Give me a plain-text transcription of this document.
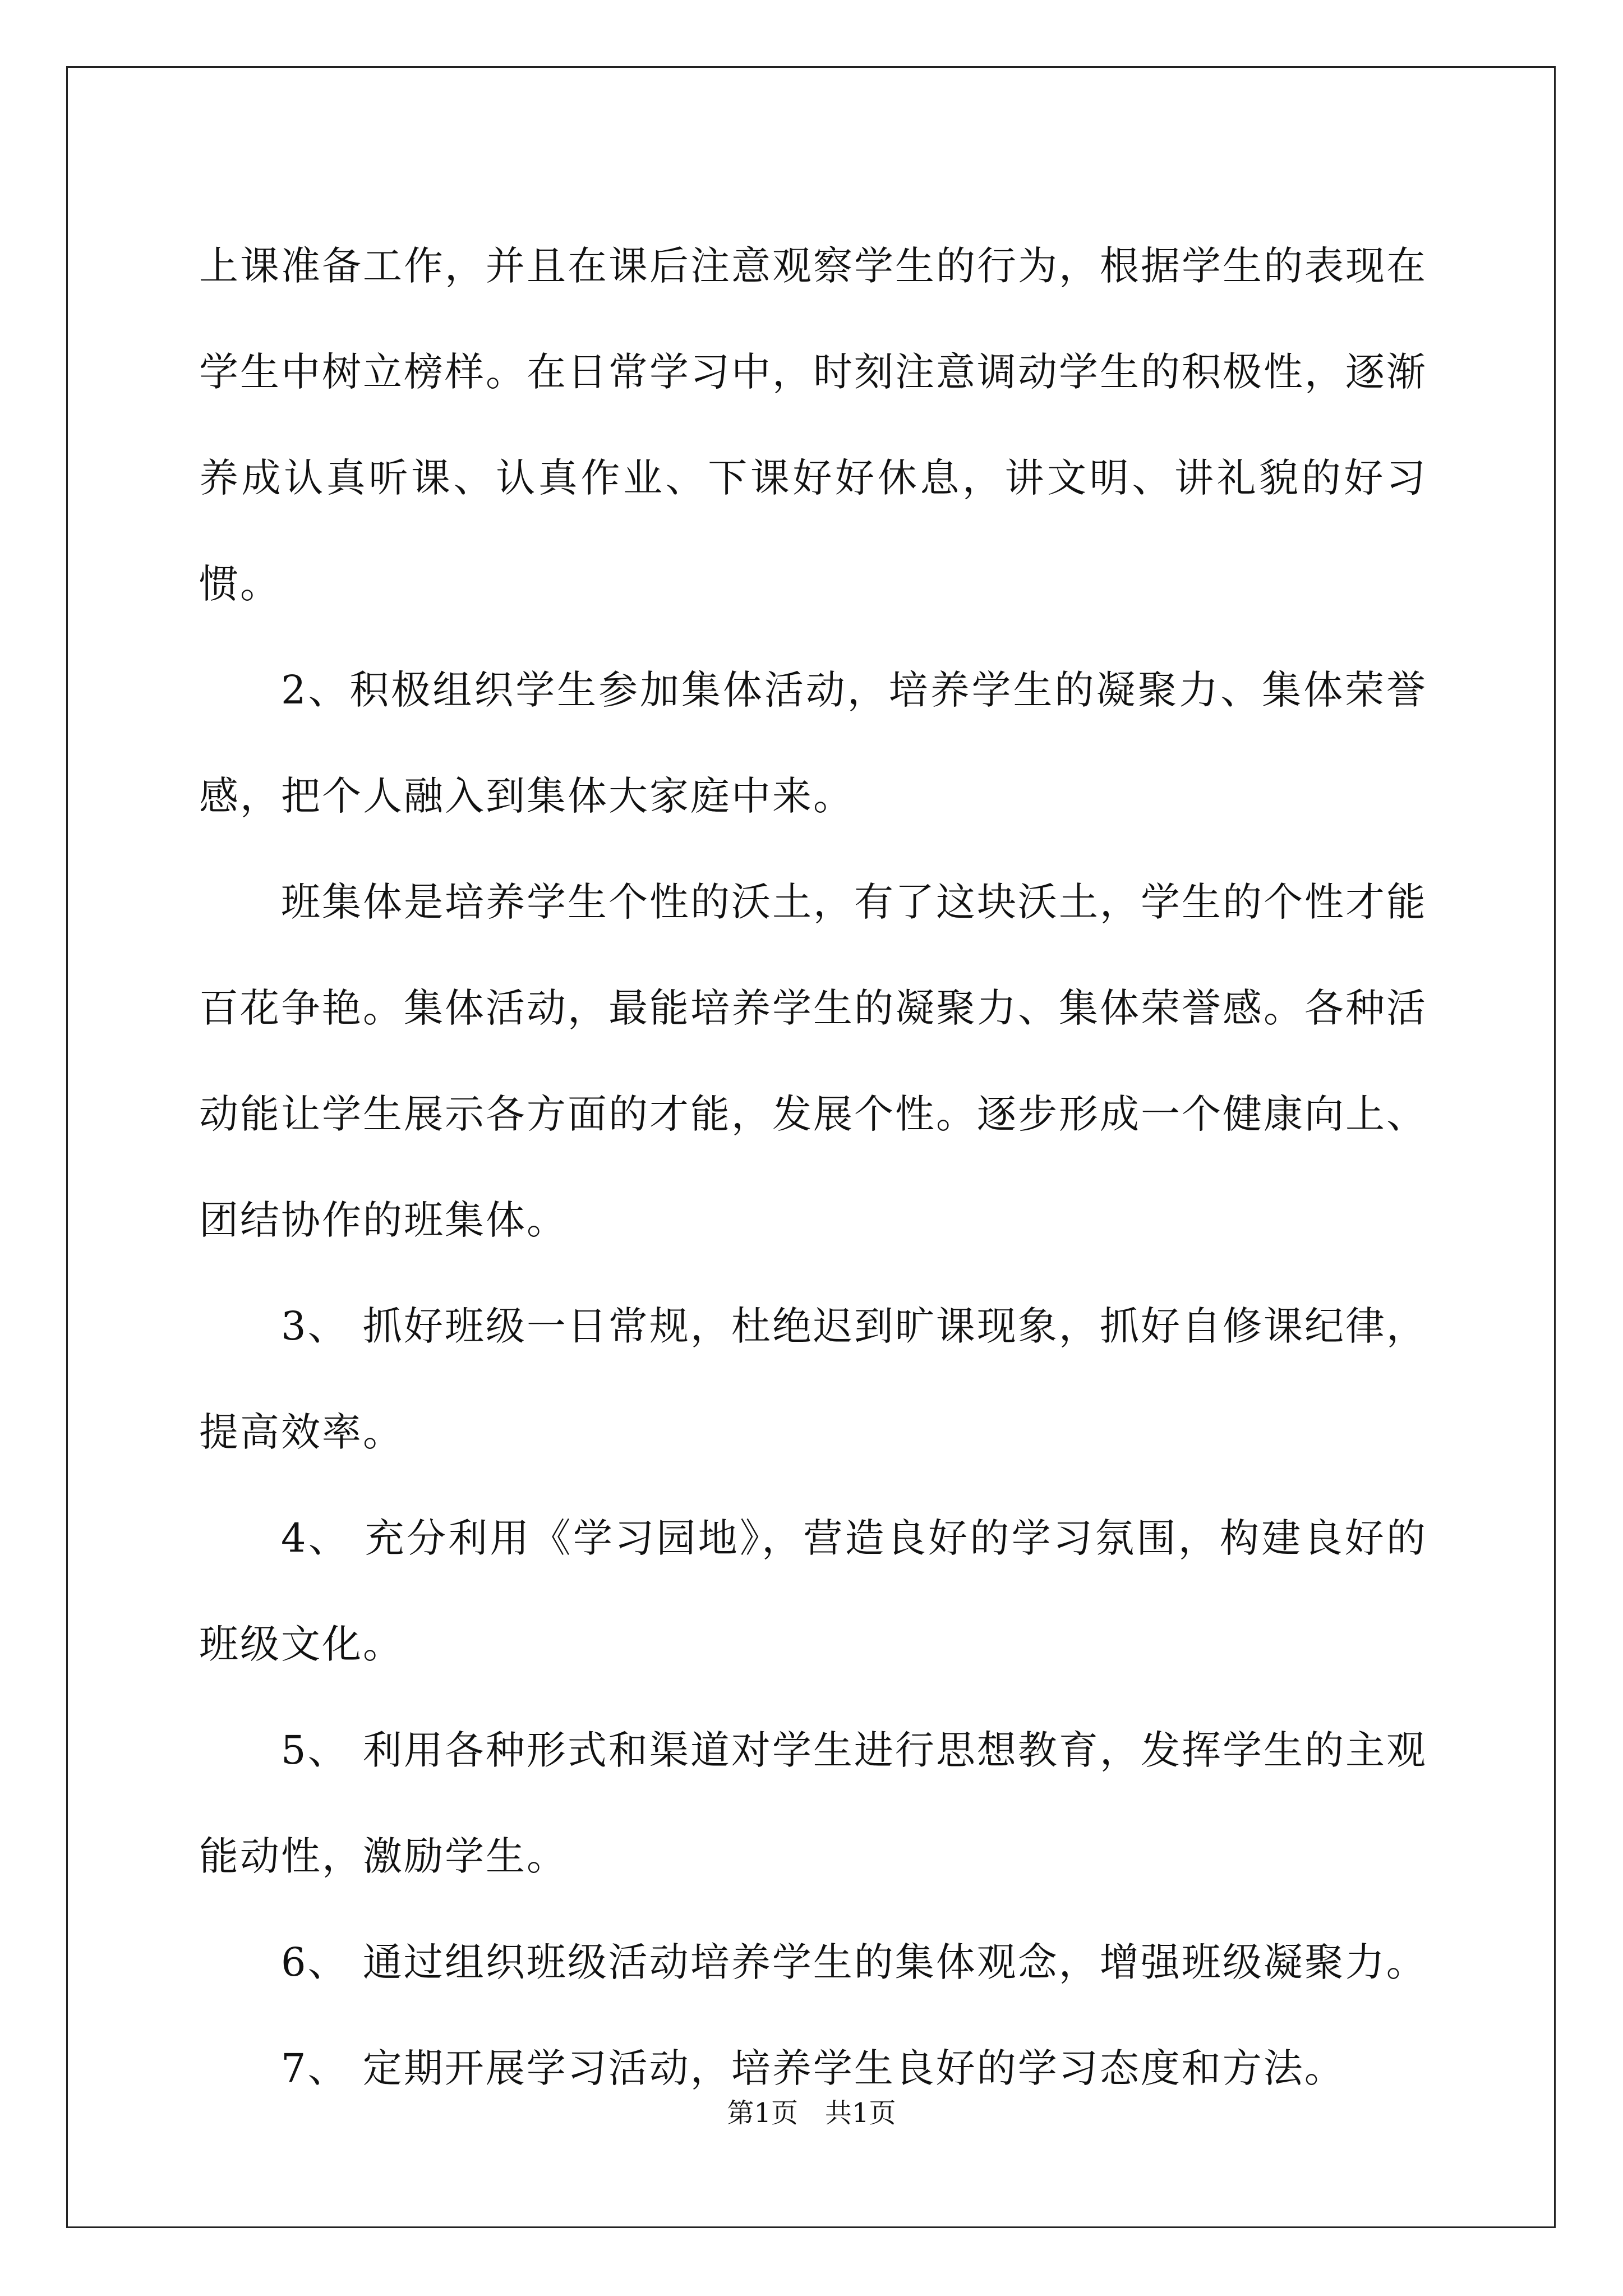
上课准备工作，并且在课后注意观察学生的行为，根据学生的表现在学生中树立榜样。在日常学习中，时刻注意调动学生的积极性，逐渐养成认真听课、认真作业、下课好好休息，讲文明、讲礼貌的好习惯。

2、积极组织学生参加集体活动，培养学生的凝聚力、集体荣誉感，把个人融入到集体大家庭中来。

班集体是培养学生个性的沃土，有了这块沃土，学生的个性才能百花争艳。集体活动，最能培养学生的凝聚力、集体荣誉感。各种活动能让学生展示各方面的才能，发展个性。逐步形成一个健康向上、团结协作的班集体。

3、 抓好班级一日常规，杜绝迟到旷课现象，抓好自修课纪律，提高效率。

4、 充分利用《学习园地》，营造良好的学习氛围，构建良好的班级文化。

5、 利用各种形式和渠道对学生进行思想教育，发挥学生的主观能动性，激励学生。

6、 通过组织班级活动培养学生的集体观念，增强班级凝聚力。

7、 定期开展学习活动，培养学生良好的学习态度和方法。

第1页　共1页
